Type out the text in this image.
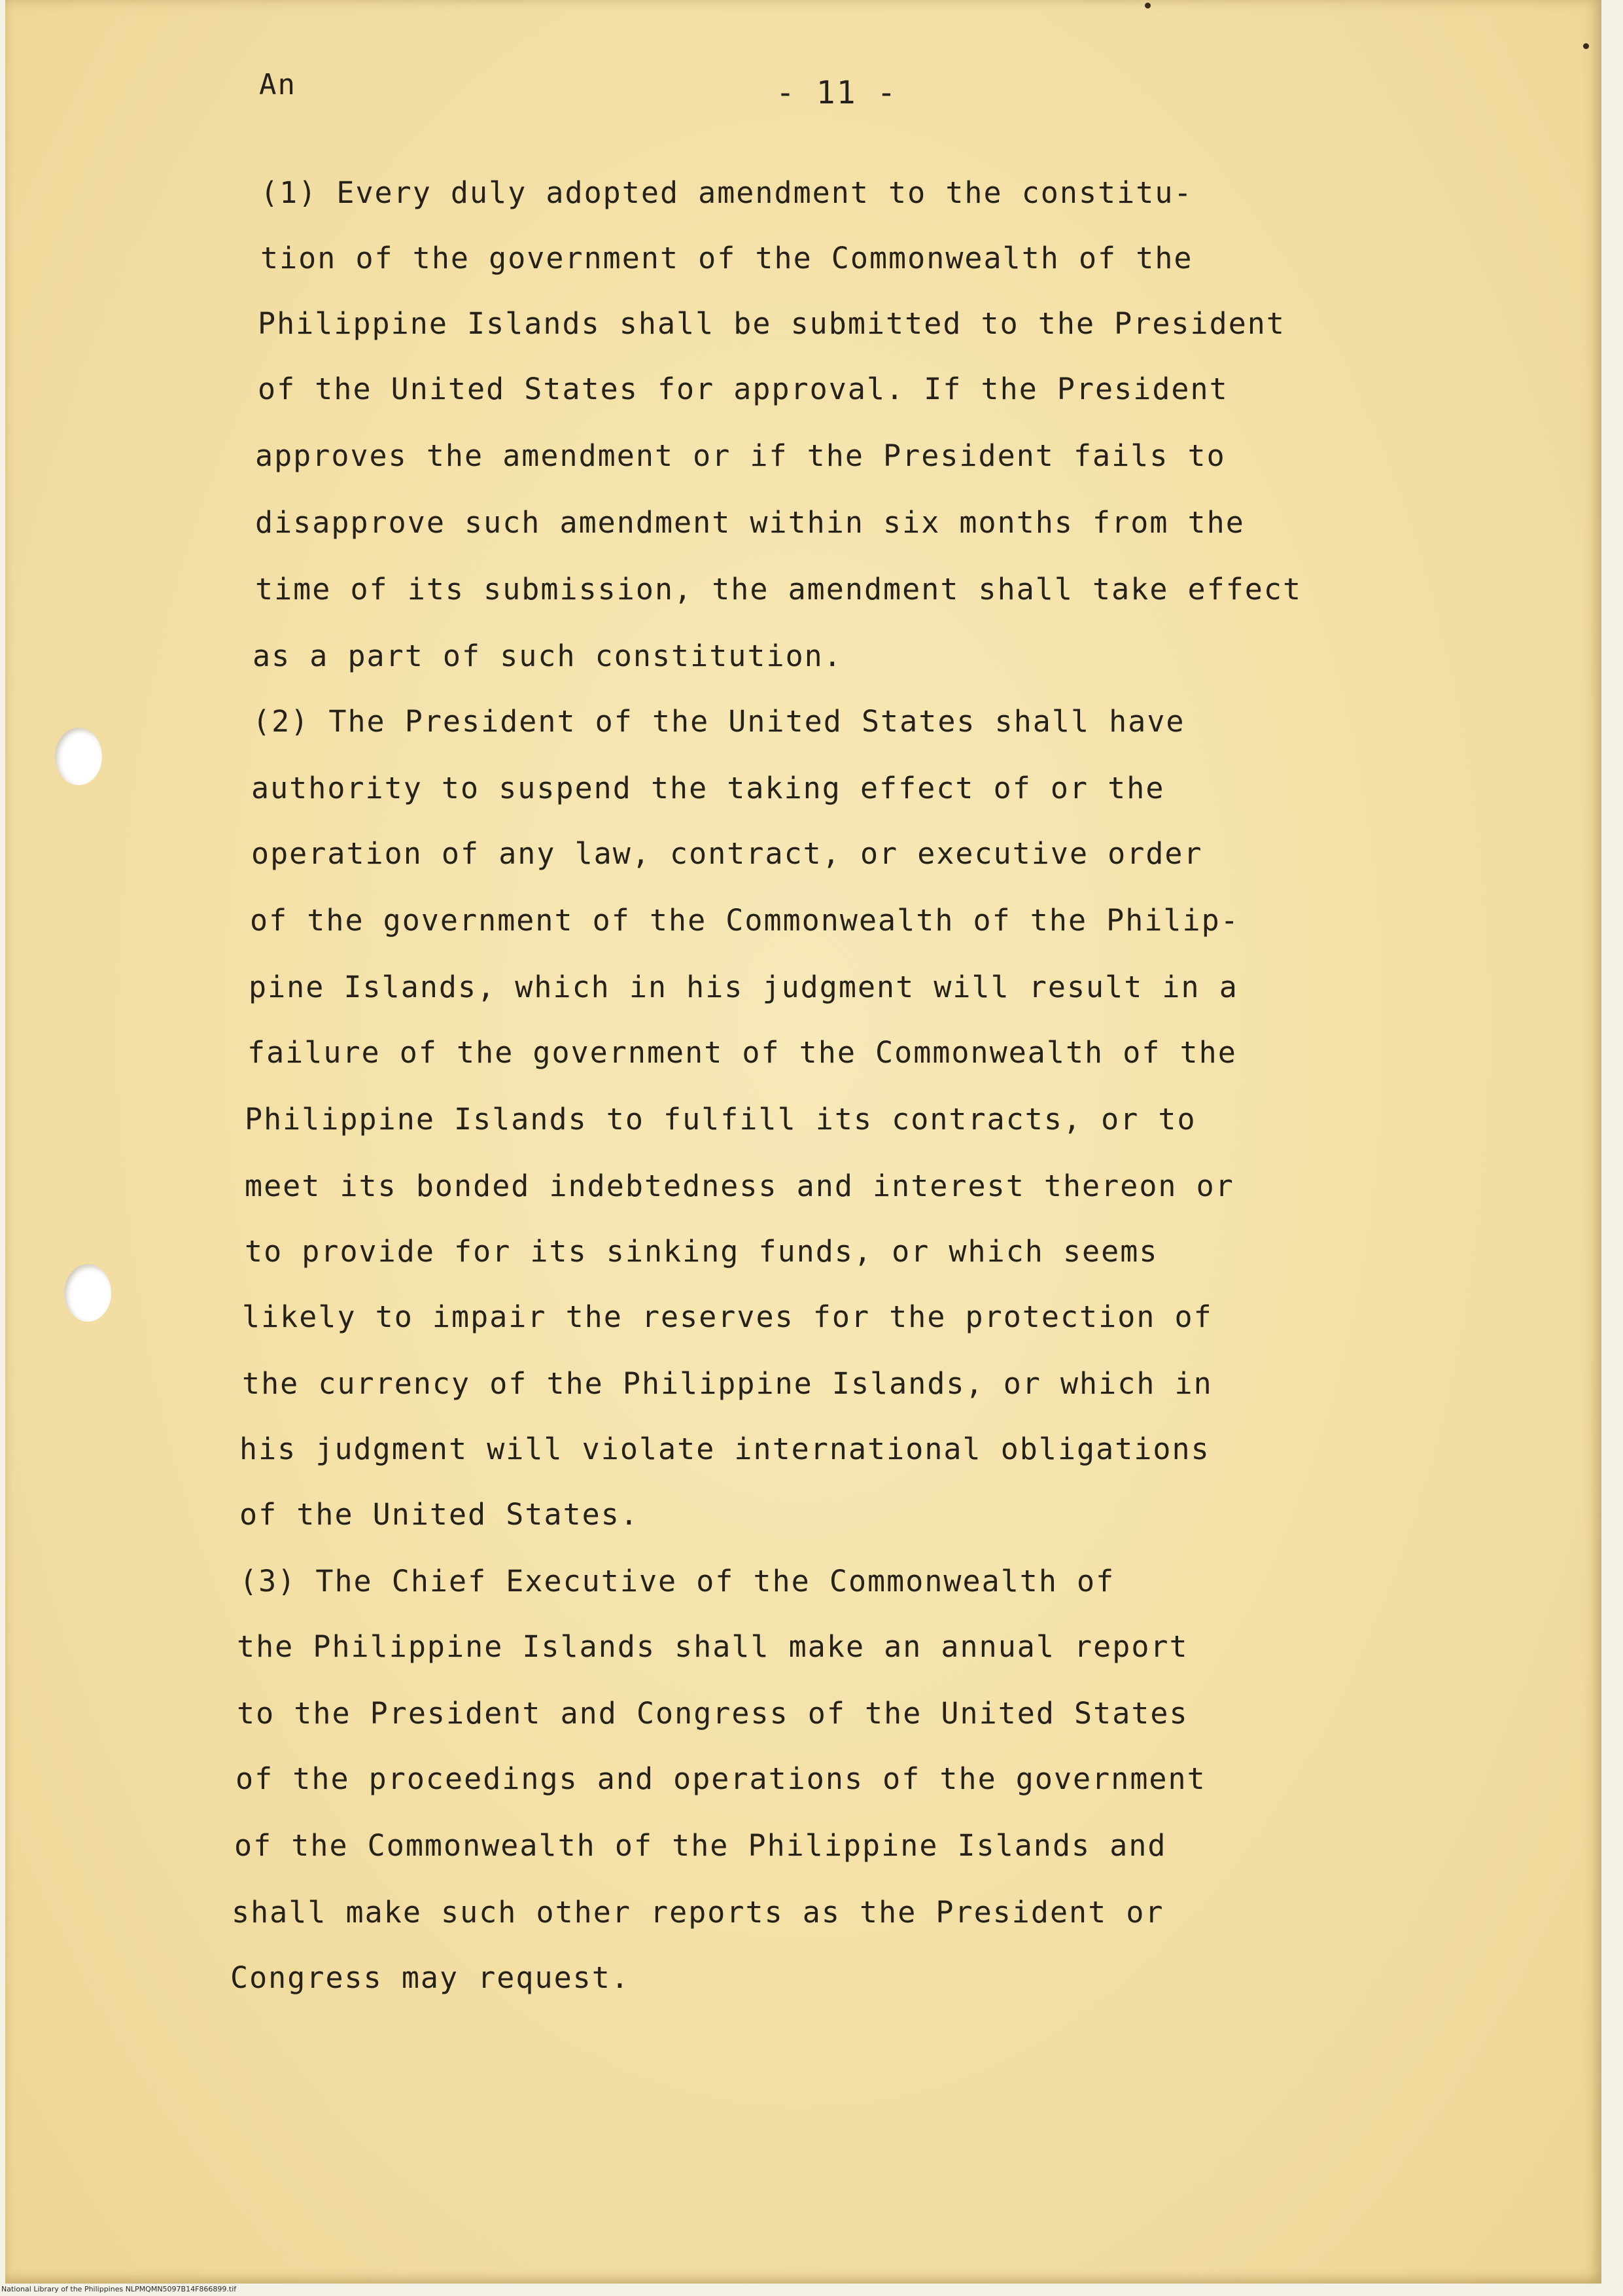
An	- 11 -
(1) Every duly adopted amendment to the constitu-
tion of the government of the Commonwealth of the
Philippine Islands shall be submitted to the President
of the United States for approval. If the President
approves the amendment or if the President fails to
disapprove such amendment within six months from the
time of its submission, the amendment shall take effect
as a part of such constitution.
(2) The President of the United States shall have
authority to suspend the taking effect of or the
operation of any law, contract, or executive order
of the government of the Commonwealth of the Philip-
pine Islands, which in his judgment will result in a
failure of the government of the Commonwealth of the
Philippine Islands to fulfill its contracts, or to
meet its bonded indebtedness and interest thereon or
to provide for its sinking funds, or which seems
likely to impair the reserves for the protection of
the currency of the Philippine Islands, or which in
his judgment will violate international obligations
of the United States.
(3) The Chief Executive of the Commonwealth of
the Philippine Islands shall make an annual report
to the President and Congress of the United States
of the proceedings and operations of the government
of the Commonwealth of the Philippine Islands and
shall make such other reports as the President or
Congress may request.
National Library of the Philippines NLPMQMN5097B14F866899.tif
